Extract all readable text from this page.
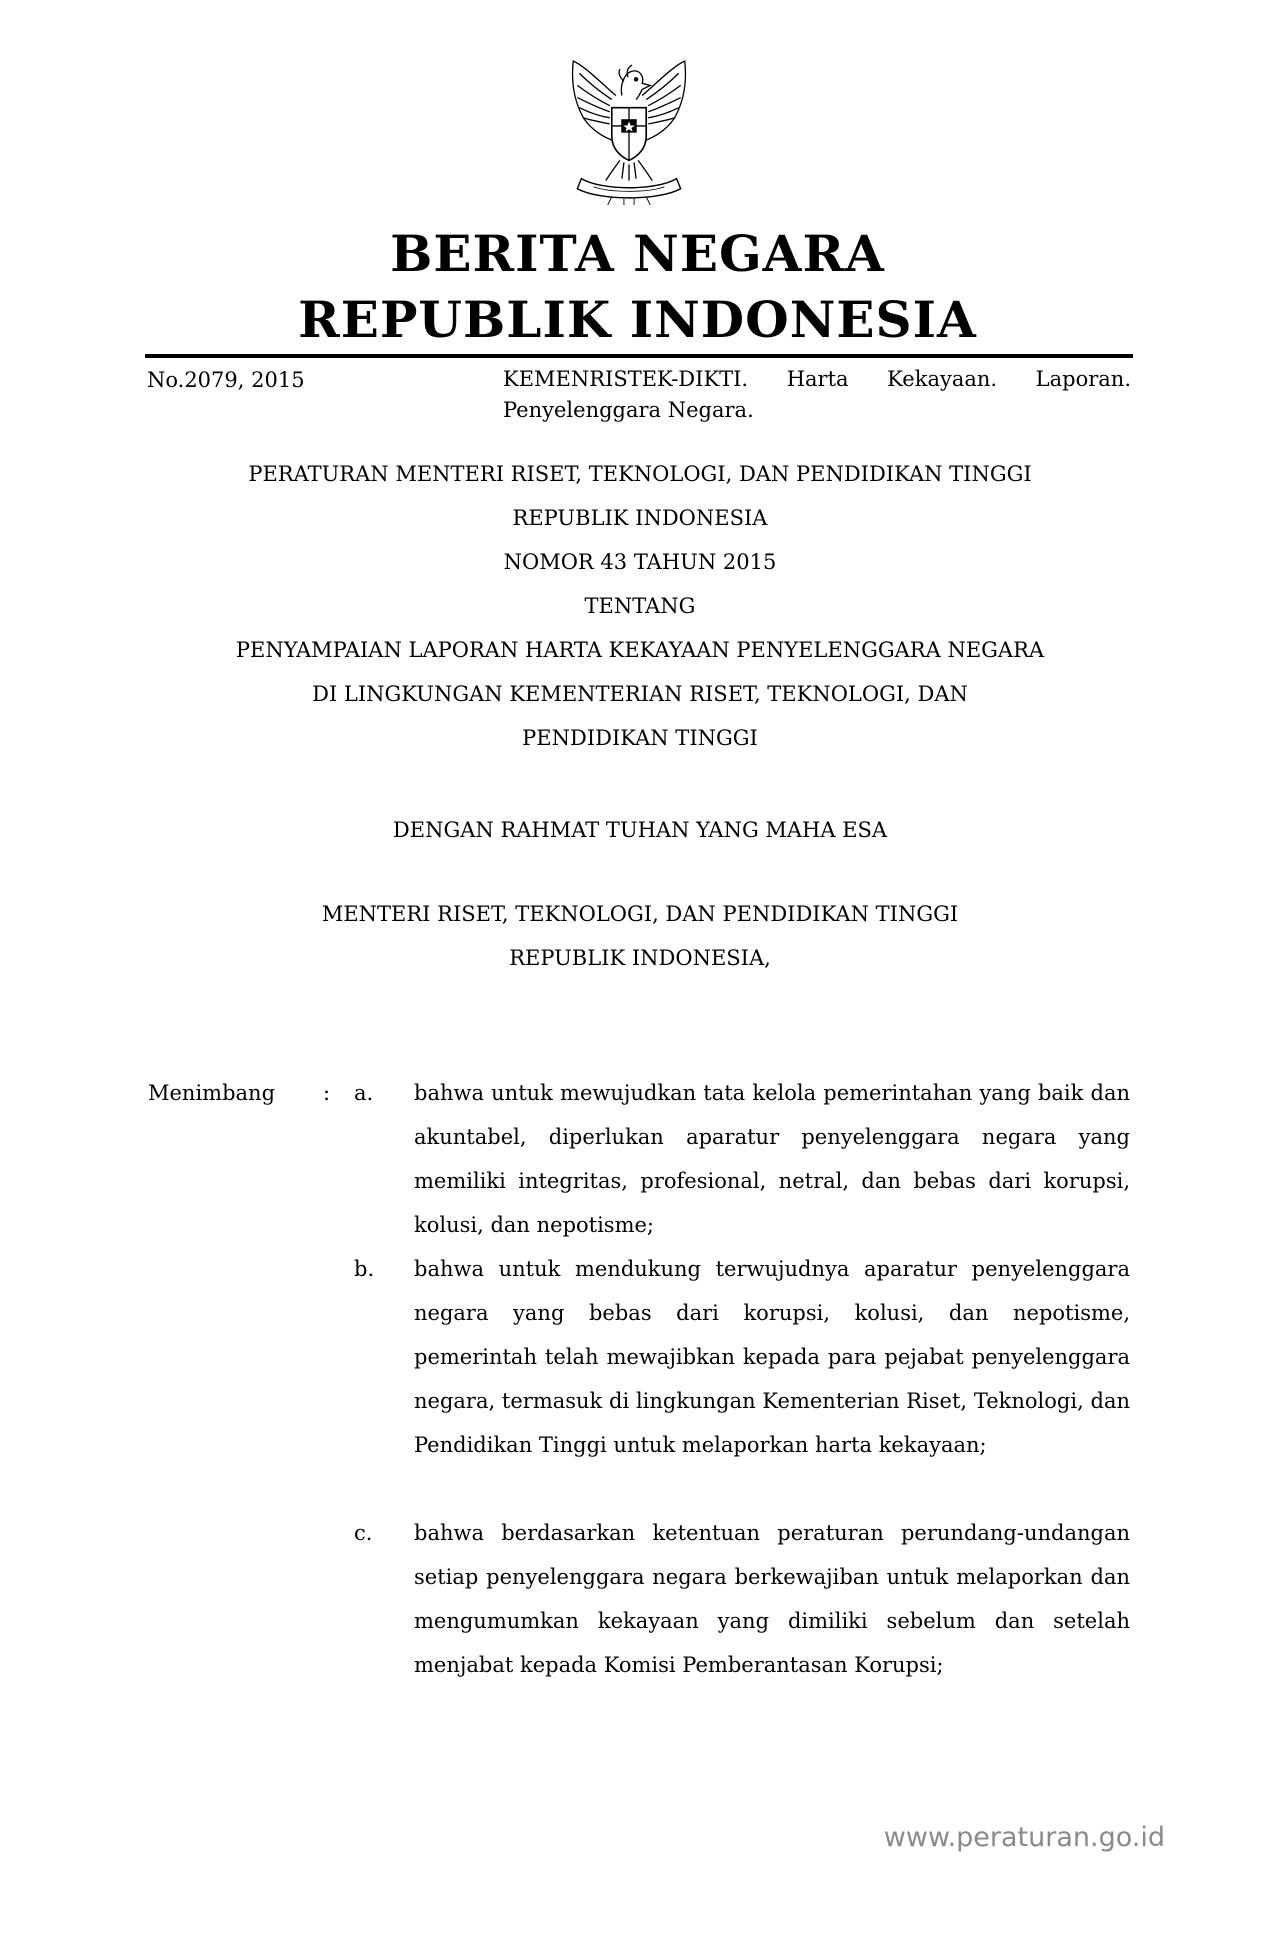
BERITA NEGARA
REPUBLIK INDONESIA
No.2079, 2015	KEMENRISTEK-DIKTI. Harta Kekayaan. Laporan. Penyelenggara Negara.
PERATURAN MENTERI RISET, TEKNOLOGI, DAN PENDIDIKAN TINGGI
REPUBLIK INDONESIA
NOMOR 43 TAHUN 2015
TENTANG
PENYAMPAIAN LAPORAN HARTA KEKAYAAN PENYELENGGARA NEGARA
DI LINGKUNGAN KEMENTERIAN RISET, TEKNOLOGI, DAN
PENDIDIKAN TINGGI
DENGAN RAHMAT TUHAN YANG MAHA ESA
MENTERI RISET, TEKNOLOGI, DAN PENDIDIKAN TINGGI
REPUBLIK INDONESIA,
Menimbang : a. bahwa untuk mewujudkan tata kelola pemerintahan yang baik dan akuntabel, diperlukan aparatur penyelenggara negara yang memiliki integritas, profesional, netral, dan bebas dari korupsi, kolusi, dan nepotisme;
b. bahwa untuk mendukung terwujudnya aparatur penyelenggara negara yang bebas dari korupsi, kolusi, dan nepotisme, pemerintah telah mewajibkan kepada para pejabat penyelenggara negara, termasuk di lingkungan Kementerian Riset, Teknologi, dan Pendidikan Tinggi untuk melaporkan harta kekayaan;
c. bahwa berdasarkan ketentuan peraturan perundang-undangan setiap penyelenggara negara berkewajiban untuk melaporkan dan mengumumkan kekayaan yang dimiliki sebelum dan setelah menjabat kepada Komisi Pemberantasan Korupsi;
www.peraturan.go.id
